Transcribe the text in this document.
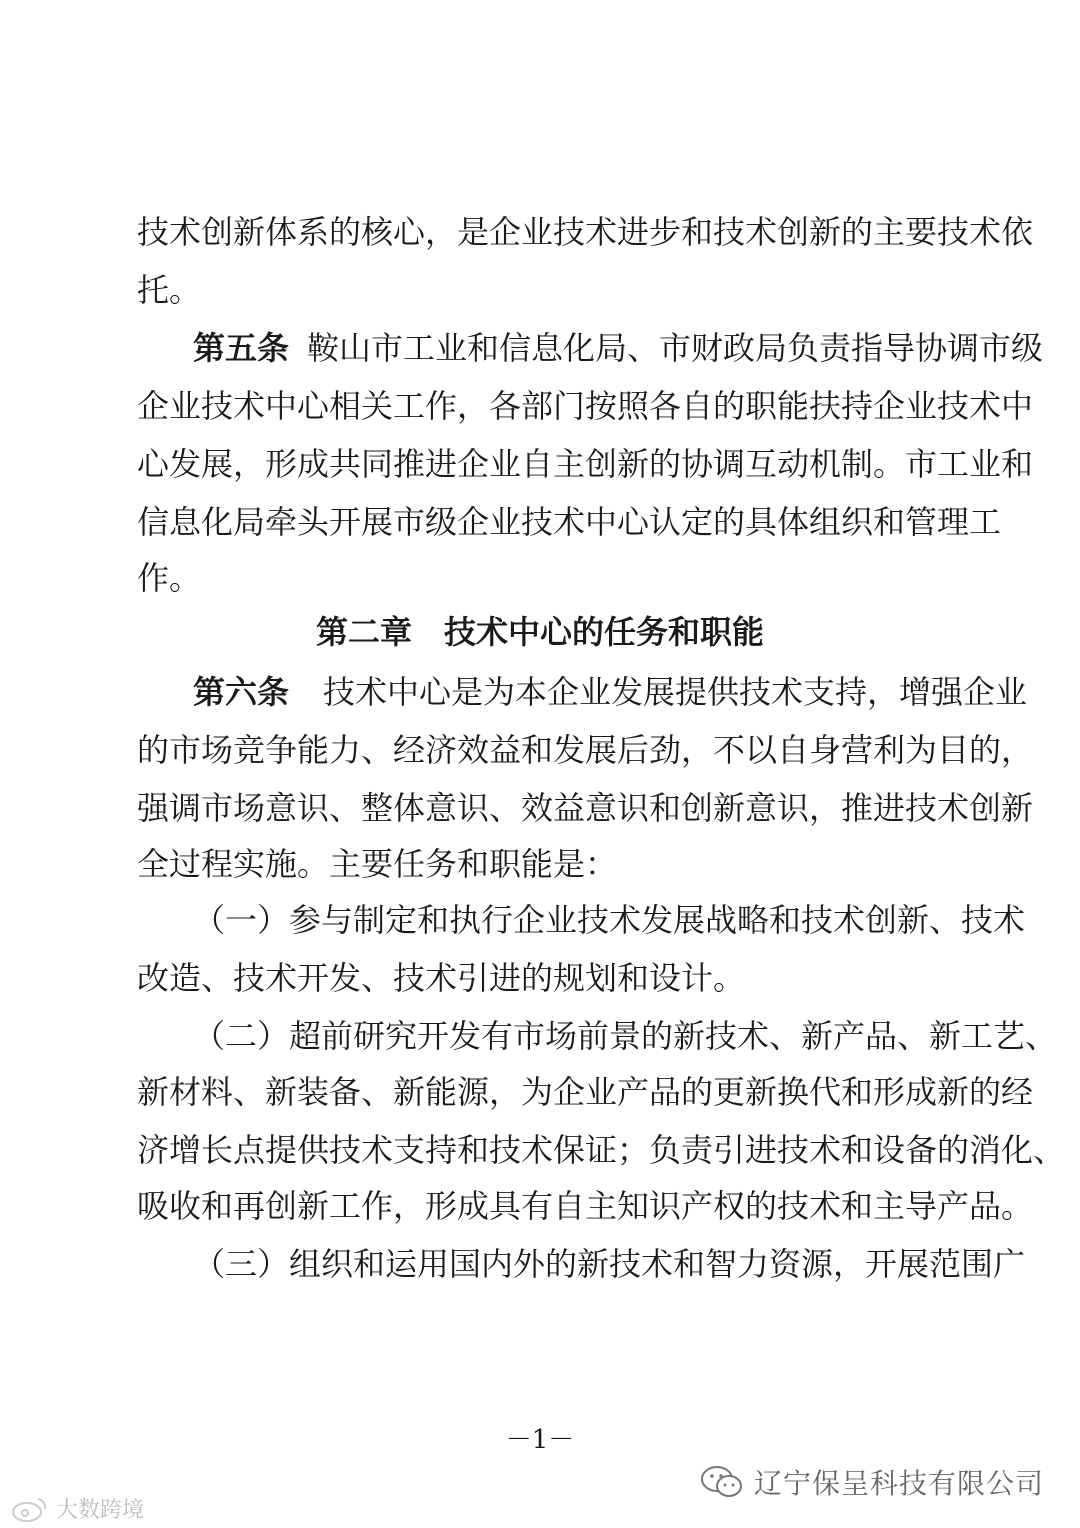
技术创新体系的核心，是企业技术进步和技术创新的主要技术依
托。
第五条 鞍山市工业和信息化局、市财政局负责指导协调市级
企业技术中心相关工作，各部门按照各自的职能扶持企业技术中
心发展，形成共同推进企业自主创新的协调互动机制。市工业和
信息化局牵头开展市级企业技术中心认定的具体组织和管理工
作。
第二章　技术中心的任务和职能
第六条 技术中心是为本企业发展提供技术支持，增强企业
的市场竞争能力、经济效益和发展后劲，不以自身营利为目的，
强调市场意识、整体意识、效益意识和创新意识，推进技术创新
全过程实施。主要任务和职能是：
（一）参与制定和执行企业技术发展战略和技术创新、技术
改造、技术开发、技术引进的规划和设计。
（二）超前研究开发有市场前景的新技术、新产品、新工艺、
新材料、新装备、新能源，为企业产品的更新换代和形成新的经
济增长点提供技术支持和技术保证；负责引进技术和设备的消化、
吸收和再创新工作，形成具有自主知识产权的技术和主导产品。
（三）组织和运用国内外的新技术和智力资源，开展范围广
－1－
辽宁保呈科技有限公司
大数跨境
